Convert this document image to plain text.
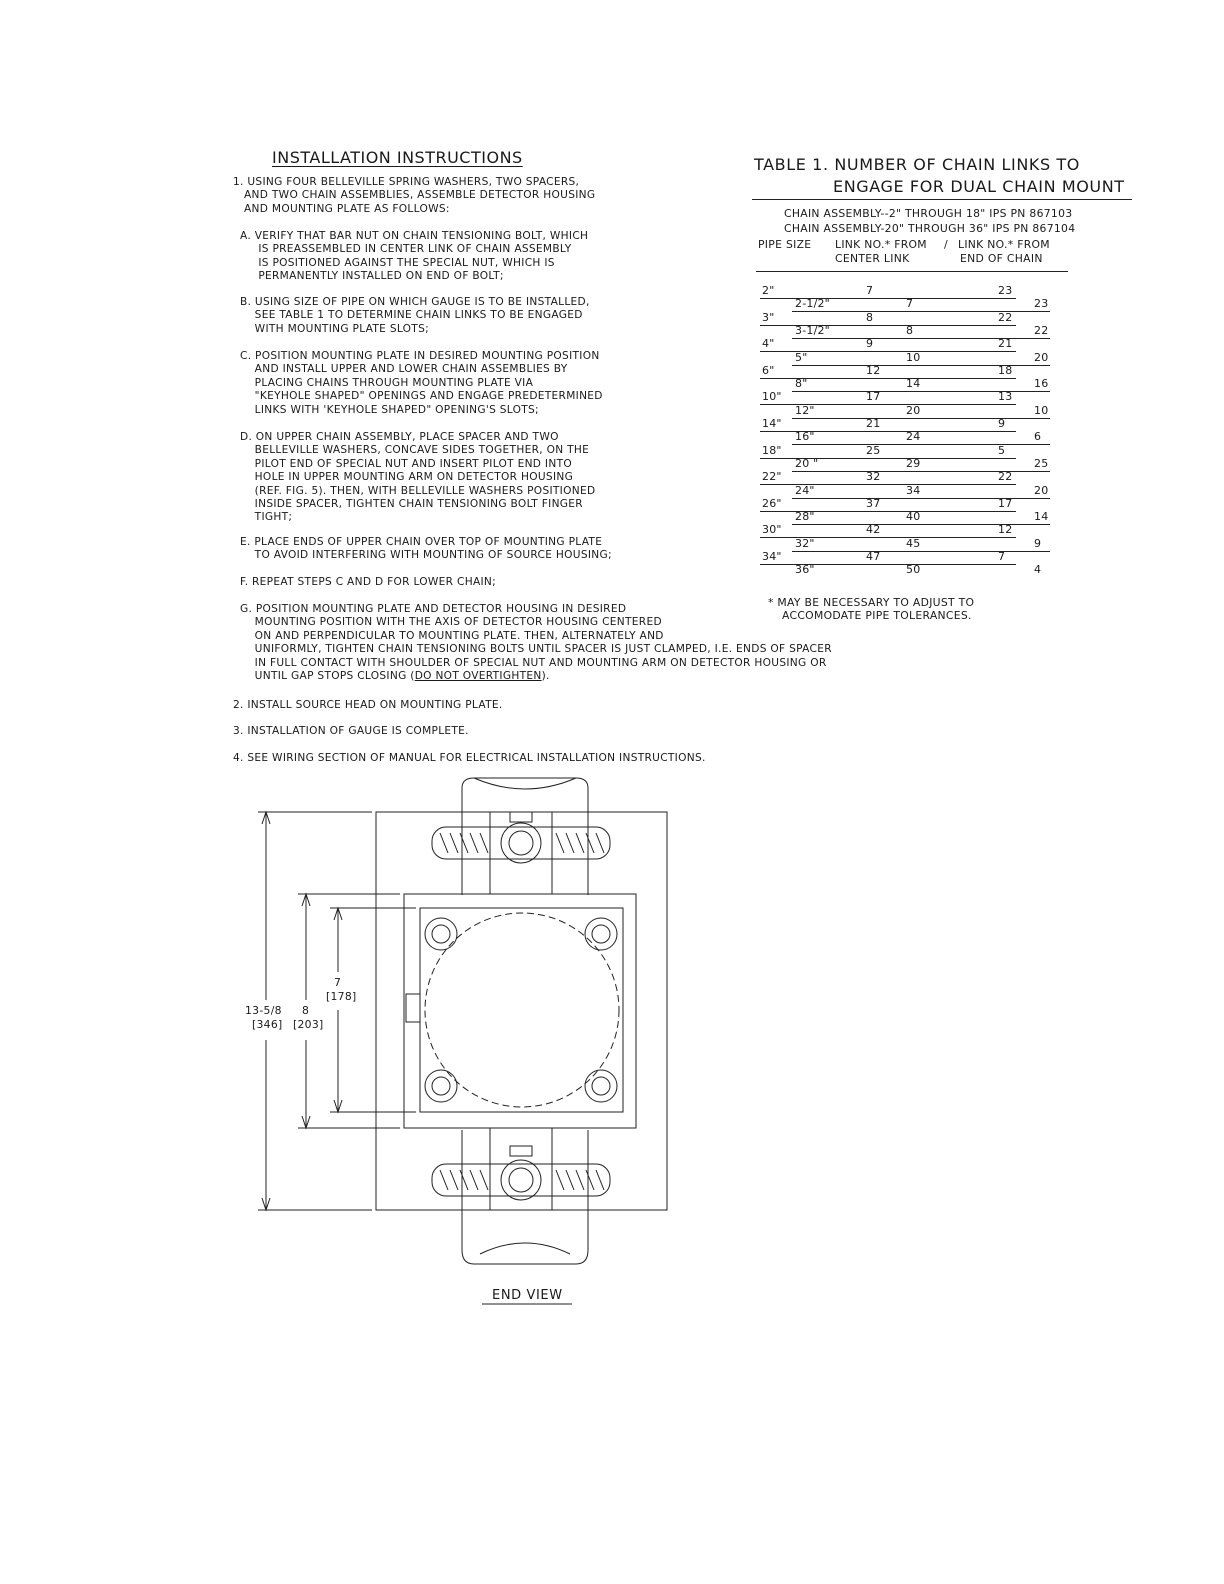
INSTALLATION INSTRUCTIONS
1. USING FOUR BELLEVILLE SPRING WASHERS, TWO SPACERS,
AND TWO CHAIN ASSEMBLIES, ASSEMBLE DETECTOR HOUSING
AND MOUNTING PLATE AS FOLLOWS:
A. VERIFY THAT BAR NUT ON CHAIN TENSIONING BOLT, WHICH
IS PREASSEMBLED IN CENTER LINK OF CHAIN ASSEMBLY
IS POSITIONED AGAINST THE SPECIAL NUT, WHICH IS
PERMANENTLY INSTALLED ON END OF BOLT;
B. USING SIZE OF PIPE ON WHICH GAUGE IS TO BE INSTALLED,
SEE TABLE 1 TO DETERMINE CHAIN LINKS TO BE ENGAGED
WITH MOUNTING PLATE SLOTS;
C. POSITION MOUNTING PLATE IN DESIRED MOUNTING POSITION
AND INSTALL UPPER AND LOWER CHAIN ASSEMBLIES BY
PLACING CHAINS THROUGH MOUNTING PLATE VIA
"KEYHOLE SHAPED" OPENINGS AND ENGAGE PREDETERMINED
LINKS WITH 'KEYHOLE SHAPED" OPENING'S SLOTS;
D. ON UPPER CHAIN ASSEMBLY, PLACE SPACER AND TWO
BELLEVILLE WASHERS, CONCAVE SIDES TOGETHER, ON THE
PILOT END OF SPECIAL NUT AND INSERT PILOT END INTO
HOLE IN UPPER MOUNTING ARM ON DETECTOR HOUSING
(REF. FIG. 5). THEN, WITH BELLEVILLE WASHERS POSITIONED
INSIDE SPACER, TIGHTEN CHAIN TENSIONING BOLT FINGER
TIGHT;
E. PLACE ENDS OF UPPER CHAIN OVER TOP OF MOUNTING PLATE
TO AVOID INTERFERING WITH MOUNTING OF SOURCE HOUSING;
F. REPEAT STEPS C AND D FOR LOWER CHAIN;
G. POSITION MOUNTING PLATE AND DETECTOR HOUSING IN DESIRED
MOUNTING POSITION WITH THE AXIS OF DETECTOR HOUSING CENTERED
ON AND PERPENDICULAR TO MOUNTING PLATE. THEN, ALTERNATELY AND
UNIFORMLY, TIGHTEN CHAIN TENSIONING BOLTS UNTIL SPACER IS JUST CLAMPED, I.E. ENDS OF SPACER
IN FULL CONTACT WITH SHOULDER OF SPECIAL NUT AND MOUNTING ARM ON DETECTOR HOUSING OR
UNTIL GAP STOPS CLOSING (DO NOT OVERTIGHTEN).
2. INSTALL SOURCE HEAD ON MOUNTING PLATE.
3. INSTALLATION OF GAUGE IS COMPLETE.
4. SEE WIRING SECTION OF MANUAL FOR ELECTRICAL INSTALLATION INSTRUCTIONS.
TABLE 1. NUMBER OF CHAIN LINKS TO
ENGAGE FOR DUAL CHAIN MOUNT
CHAIN ASSEMBLY--2" THROUGH 18" IPS PN 867103
CHAIN ASSEMBLY-20" THROUGH 36" IPS PN 867104
PIPE SIZE LINK NO.* FROM / LINK NO.* FROM
CENTER LINK	END OF CHAIN
2"	7	23
2-1/2"	7	23
3"	8	22
3-1/2"	8	22
4"	9	21
5"	10	20
6"	12	18
8"	14	16
10"	17	13
12"	20	10
14"	21	9
16"	24	6
18"	25	5
20 "	29	25
22"	32	22
24"	34	20
26"	37	17
28"	40	14
30"	42	12
32"	45	9
34"	47	7
36"	50	4
* MAY BE NECESSARY TO ADJUST TO
ACCOMODATE PIPE TOLERANCES.
7
[178]
13-5/8 8
[346] [203]
END VIEW
